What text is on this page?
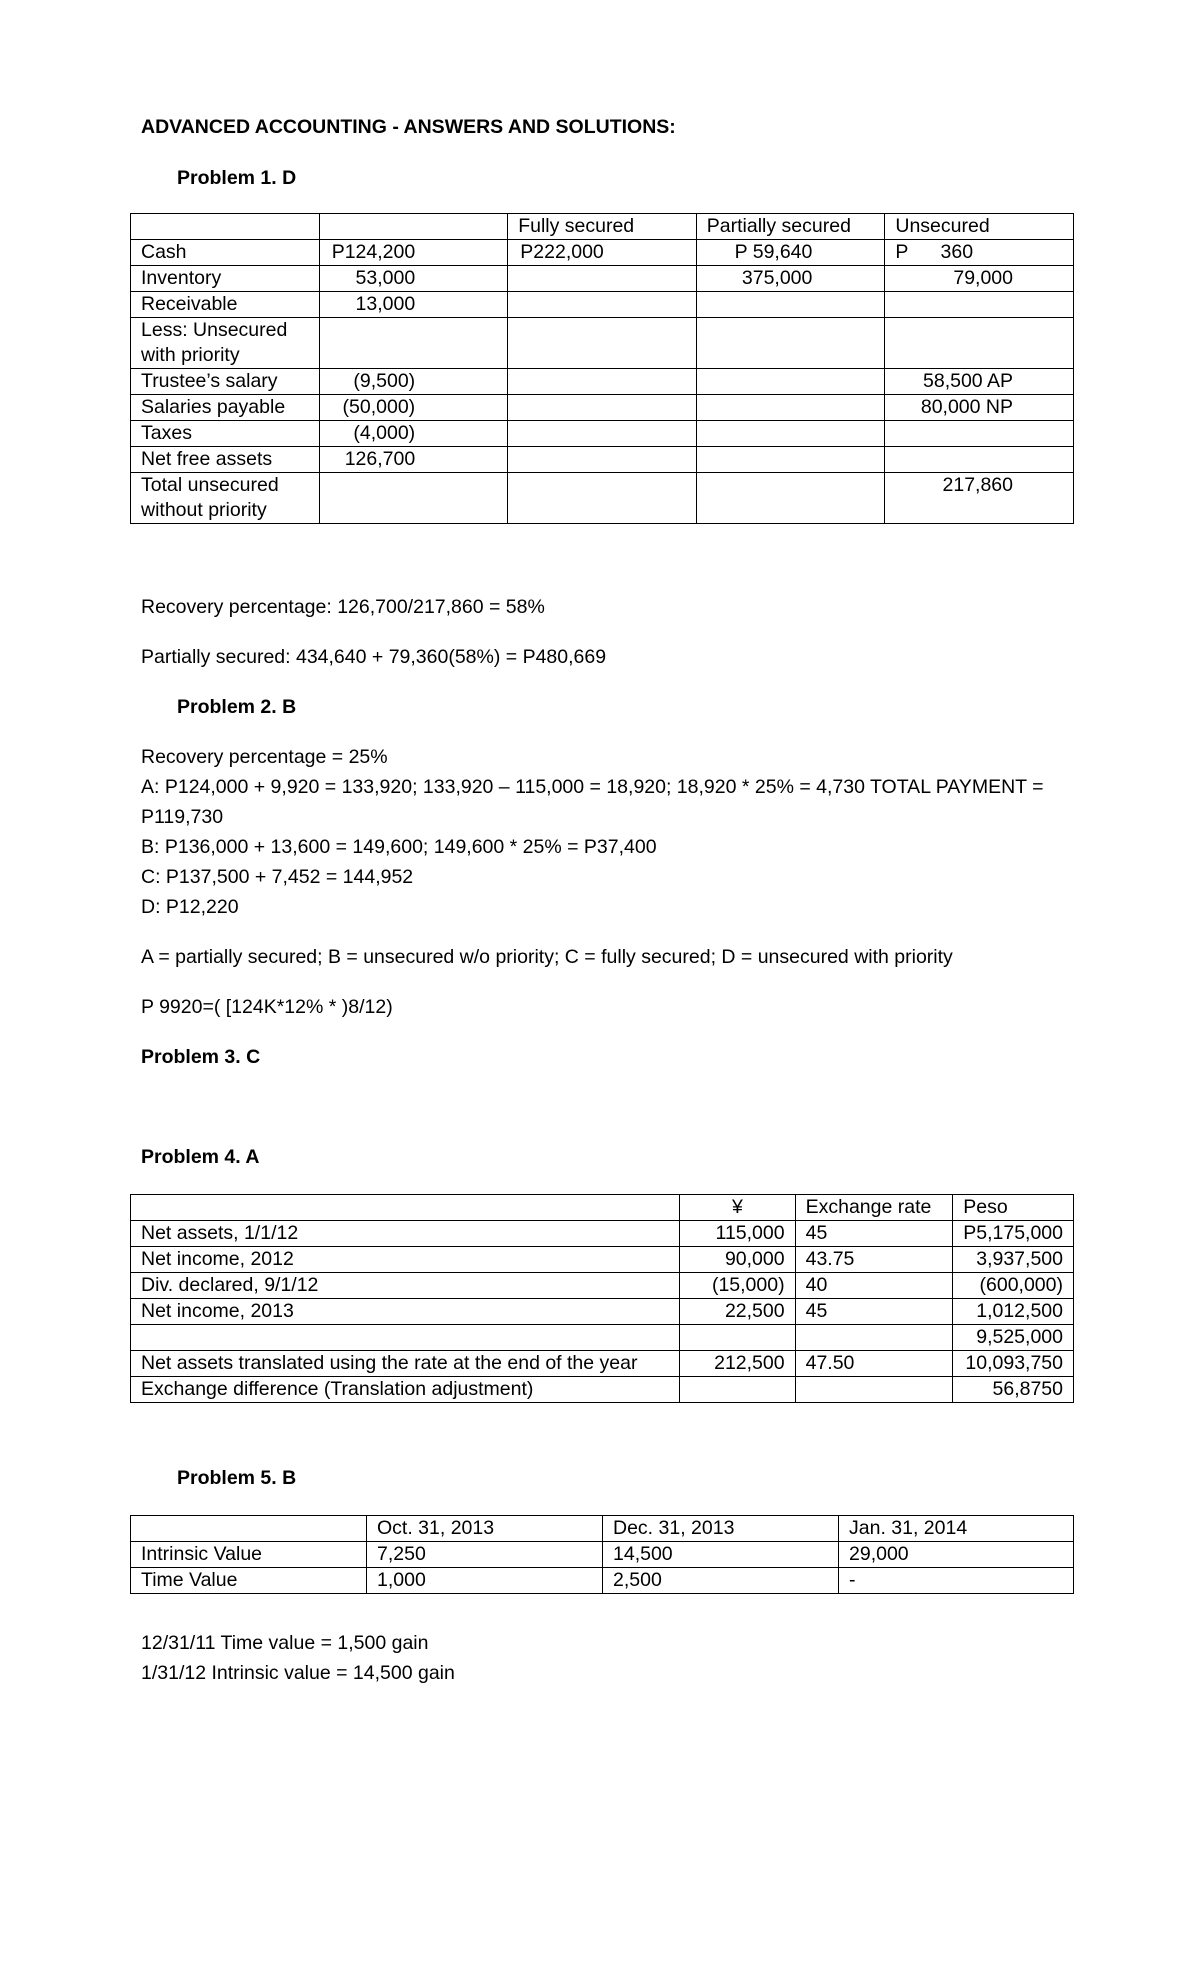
ADVANCED ACCOUNTING - ANSWERS AND SOLUTIONS:
Problem 1. D
		Fully secured	Partially secured	Unsecured
Cash	P124,200	P222,000	P 59,640	P      360
Inventory	53,000		375,000	79,000
Receivable	13,000			
Less: Unsecured with priority				
Trustee’s salary	(9,500)			58,500 AP
Salaries payable	(50,000)			80,000 NP
Taxes	(4,000)			
Net free assets	126,700			
Total unsecured without priority				217,860
Recovery percentage: 126,700/217,860 = 58%
Partially secured: 434,640 + 79,360(58%) = P480,669
Problem 2. B
Recovery percentage = 25%
A: P124,000 + 9,920 = 133,920; 133,920 – 115,000 = 18,920; 18,920 * 25% = 4,730 TOTAL PAYMENT =
P119,730
B: P136,000 + 13,600 = 149,600; 149,600 * 25% = P37,400
C: P137,500 + 7,452 = 144,952
D: P12,220
A = partially secured; B = unsecured w/o priority; C = fully secured; D = unsecured with priority
P 9920=( [124K*12% * )8/12)
Problem 3. C
Problem 4. A
	¥	Exchange rate	Peso
Net assets, 1/1/12	115,000	45	P5,175,000
Net income, 2012	90,000	43.75	3,937,500
Div. declared, 9/1/12	(15,000)	40	(600,000)
Net income, 2013	22,500	45	1,012,500
			9,525,000
Net assets translated using the rate at the end of the year	212,500	47.50	10,093,750
Exchange difference (Translation adjustment)			56,8750
Problem 5. B
	Oct. 31, 2013	Dec. 31, 2013	Jan. 31, 2014
Intrinsic Value	7,250	14,500	29,000
Time Value	1,000	2,500	-
12/31/11 Time value = 1,500 gain
1/31/12 Intrinsic value = 14,500 gain
